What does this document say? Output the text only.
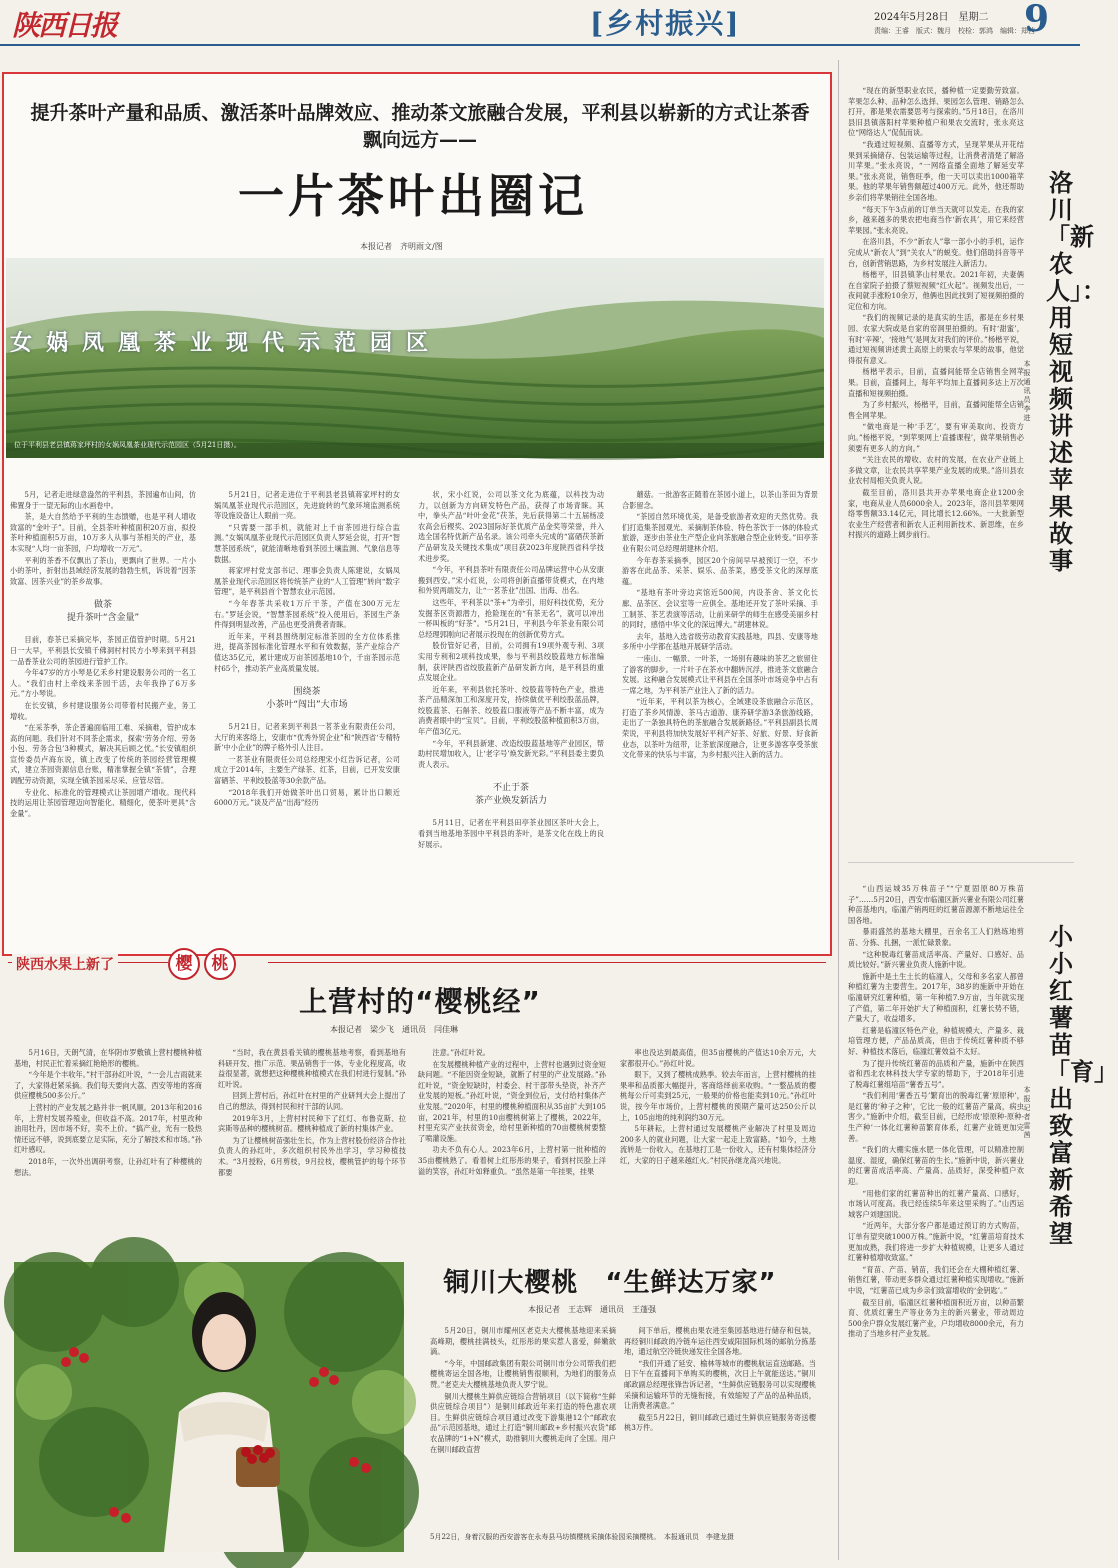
陕西日报	[乡村振兴]	2024年5月28日　星期二
责编：王睿　版式：魏月　校检：郭鸿　编辑：郑茜
9
提升茶叶产量和品质、激活茶叶品牌效应、推动茶文旅融合发展，平利县以崭新的方式让茶香飘向远方——
一片茶叶出圈记
本报记者　齐明雨文/图
女娲凤凰茶业现代示范园区
位于平利县老县镇蒋家坪村的女娲凤凰茶业现代示范园区（5月21日摄）。

5月，记者走进绿意盎然的平利县，茶园遍布山间，仿佛置身于一望无际的山水画卷中。

茶，是大自然给予平利的生态馈赠，也是平利人增收致富的“金叶子”。目前，全县茶叶种植面积20万亩，拟投茶叶种植面积5万亩，10万多人从事与茶相关的产业，基本实现“人均一亩茶园，户均增收一万元”。

平利的茶香不仅飘出了茶山，更飘向了世界。一片小小的茶叶，折射出县域经济发展的勃勃生机，诉说着“因茶致富、因茶兴业”的茶乡故事。

做茶
提升茶叶“含金量”

目前，春茶已采摘完毕，茶园正值管护时期。5月21日一大早，平利县长安镇千佛洞村村民方小琴来到平利县一品香茶业公司的茶园进行管护工作。

今年47岁的方小琴是亿禾乡村建设服务公司的一名工人。“我们由村上牵线来茶园干活，去年我挣了6万多元。”方小琴说。

在长安镇，乡村建设服务公司带着村民搬产业，务工增收。

“在采茶季，茶企普遍面临用工难、采摘难，管护成本高的问题。我们针对不同茶企需求，探索‘劳务介绍、劳务小包、劳务合包’3种模式，解决其后顾之忧。”长安镇组织宣传委员卢海东说，镇上改变了传统的茶园经营管理模式，建立茶园资源信息台账，精准掌握全镇“茶情”，合理调配劳动资源，实现全镇茶园采尽采、应管尽管。

专业化、标准化的管理模式让茶园增产增收。现代科技的运用让茶园管理迈向智能化、精细化，使茶叶更具“含金量”。

5月21日，记者走进位于平利县老县镇蒋家坪村的女娲凤凰茶业现代示范园区，先进旋转的气象环境监测系统等设施设备让人眼前一亮。

“只需要一部手机，就能对上千亩茶园进行综合监测。”女娲凤凰茶业现代示范园区负责人罗延会说，打开“智慧茶园系统”，就能清晰地看到茶园土壤监测、气象信息等数据。

蒋家坪村党支部书记、理事会负责人陈建说，女娲凤凰茶业现代示范园区将传统茶产业的“人工管理”转向“数字管理”，是平利县首个智慧农业示范园。

“今年春茶共采收1万斤干茶，产值在300万元左右。”罗延会说，“智慧茶园系统”投入使用后，茶园生产条件得到明显改善，产品也更受消费者青睐。

近年来，平利县围绕制定标准茶园的全方位体系推进，提高茶园标准化管理水平和有效数据，茶产业综合产值达35亿元，累计建成万亩茶园基地10个，千亩茶园示范村65个，推动茶产业高质量发展。

围绕茶
小茶叶“闯出”大市场

5月21日，记者来到平利县一茗茶业有限责任公司，大厅的来客络上，安康市“优秀外贸企业”和“陕西省‘专精特新’中小企业”的牌子格外引人注目。

一茗茶业有限责任公司总经理宋小红告诉记者，公司成立于2014年，主要生产绿茶、红茶，目前，已开发安康富硒茶、平利绞股蓝等30余款产品。

“2018年我们开始做茶叶出口贸易，累计出口额近6000万元。”谈及产品“出海”经历

状，宋小红说，公司以茶文化为底蕴，以科技为动力，以创新为方向研发特色产品，获得了市场青睐。其中，拳头产品“叶叶金花”茯茶，先后获得第二十五届杨凌农高会后稷奖、2023国际好茶优质产品金奖等荣誉，并入选全国名特优新产品名录。该公司牵头完成的“富硒茯茶新产品研发及关键技术集成”项目获2023年度陕西省科学技术进步奖。

“今年，平利县茶叶有限责任公司品牌运营中心从安康搬到西安。”宋小红说，公司将创新直播带货模式，在内地和外贸两端发力，让“一茗茶业”出国、出海、出名。

这些年，平利茶以“茶+”为牵引，用好科技优势，充分发掘茶区资源潜力，抢险现在的“有茶无名”，就可以冲出一杯叫板的“好茶”。“5月21日，平利县今年茶业有限公司总经理郭刚向记者展示投现在的创新优势方式。

股份管好记者，目前，公司拥有19项外观专利、3项实用专利和2项科技成果，参与平利县绞股蓝地方标准编制，获评陕西省绞股蓝新产品研发新方向，是平利县的重点发展企业。

近年来，平利县依托茶叶、绞股蓝等特色产业，推进茶产品精深加工和深度开发，持续做优平利绞股蓝品牌，绞股蓝茶、石斛茶、绞股蓝口服液等产品不断丰富，成为消费者眼中的“宝贝”。目前，平利绞股蓝种植面积3万亩，年产值3亿元。

“今年，平利县新建、改造绞股蓝基地等产业园区，帮助村民增加收入，让‘老字号’焕发新光彩。”平利县委主要负责人表示。

不止于茶
茶产业焕发新活力

5月11日，记者在平利县田亭茶业园区茶叶大会上，看到当地基地茶园中平利县的茶叶，是茶文化在线上的良好展示。

蘑菇。一批游客正随着在茶园小道上，以茶山茶田为背景合影留念。

“茶园自然环境优美，是备受旅游者欢迎的天然优势。我们打造集茶园观光、采摘制茶体验、特色茶饮于一体的体验式旅游，逐步由茶业生产型企业向茶旅融合型企业转变。”田亭茶业有限公司总经理胡建林介绍。

今年春茶采摘季，园区20个房间早早被预订一空，不少游客在此品茶、采茶、娱乐、品茶菜，感受茶文化的深厚底蕴。

“基地有茶叶旁边宾馆近500间，内设茶舍、茶文化长廊、品茶区、会议室等一应俱全。基地还开发了茶叶采摘、手工制茶、茶艺表演等活动，让前来研学的师生在感受美丽乡村的同时，感悟中华文化的深远博大。”胡建林说。

去年，基地入选省级劳动教育实践基地，四县、安康等地多所中小学都在基地开展研学活动。

一座山、一幅景、一叶茶，一场别有趣味的茶艺之旅留住了游客的脚步。一片叶子在茶水中翻转沉浮，推进茶文旅融合发展。这种融合发展模式让平利县在全国茶叶市场竞争中占有一席之地，为平利茶产业注入了新的活力。

“近年来，平利以茶为核心，全域建设茶旅融合示范区，打造了茶乡风情游、茶马古道游、康养研学游3条旅游线路，走出了一条独具特色的茶旅融合发展新路径。”平利县副县长周荣说，平利县将加快发展好平利产好茶、好旅、好景、好食新业态，以茶叶为纽带，让茶旅深度融合，让更多游客享受茶旅文化带来的快乐与丰富，为乡村振兴注入新的活力。

陕西水果上新了	樱	桃
上营村的“樱桃经”
本报记者　梁少飞　通讯员　闫佳琳

5月16日，天朗气清，在华阴市罗敷镇上营村樱桃种植基地，村民正忙着采摘红艳艳形的樱桃。

“今年是个丰收年。”村干部孙红叶说，“一会儿吉雨就来了，大家得赶紧采摘。我们每天要向大荔、西安等地的客商供应樱桃500多公斤。”

上营村的产业发展之路并非一帆风顺。2013年和2016年，上营村发展养殖业，但收益不高。2017年，村里改种油用牡丹，因市场不好，卖不上价。“搞产业，光有一股热情还远不够，说到底要立足实际，充分了解技术和市场。”孙红叶感叹。

2018年，一次外出调研考察，让孙红叶有了种樱桃的想法。

“当时，我在黄县看关镇的樱桃基地考察，看到基地有科研开发、推广示范、果品销售于一体，专业化程度高，收益很显著，就想把这种樱桃种植模式在我们村进行复制。”孙红叶说。

回到上营村后，孙红叶在村里的产业研判大会上提出了自己的想法，得到村民和村干部的认同。

2019年3月，上营村村民种下了红灯、布鲁克斯、拉宾斯等品种的樱桃树苗。樱桃种植成了新的村集体产业。

为了让樱桃树苗强壮生长，作为上营村股份经济合作社负责人的孙红叶，多次组织村民外出学习，学习种植技术。“3月授粉，6月剪枝，9月拉枝，樱桃管护的每个环节都要

注意。”孙红叶说。

在发展樱桃种植产业的过程中，上营村也遇到过资金短缺问题。“不能因资金短缺，就断了村里的产业发展路。”孙红叶说，“资金短缺时，村委会、村干部带头垫资，补齐产业发展的短板。”孙红叶说，“资金到位后，支付给村集体产业发展。”2020年，村里的樱桃种植面积从35亩扩大到105亩，2021年，村里的10亩樱桃树第上了樱桃，2022年，村里充实产业扶贫资金，给村里新种植的70亩樱桃树要整了喷灌设施。

功夫不负有心人。2023年6月，上营村第一批种植的35亩樱桃熟了。看着树上红彤彤的果子，看到村民脸上洋溢的笑容，孙红叶如释重负。“虽然是第一年挂果，挂果

率也没达到最高值，但35亩樱桃的产值达10余万元，大家都很开心。”孙红叶说。

眼下，又到了樱桃成熟季。较去年而言，上营村樱桃的挂果率和品质都大幅提升，客商络绎前来收购。“一整品质的樱桃每公斤可卖到25元，一般果的价格也能卖到10元。”孙红叶说，按今年市场价，上营村樱桃的预期产量可达250公斤以上，105亩地的纯利润约30万元。

5年耕耘，上营村通过发展樱桃产业解决了村里及周边200多人的就业问题，让大家一起走上致富路。“如今，土地流转是一份收入，在基地打工是一份收入，还有村集体经济分红，大家的日子越来越红火。”村民孙继龙高兴地说。

铜川大樱桃　“生鲜达万家”
本报记者　王志辉　通讯员　王蓬强

5月20日，铜川市耀州区老克夫大樱桃基地迎来采摘高峰期，樱桃挂满枝头，红彤彤的果实惹人喜爱，鲜嫩欲滴。

“今年，中国邮政集团有限公司铜川市分公司帮我们把樱桃寄运全国各地，让樱桃销售很顺利，为地们的服务点赞。”老克夫大樱桃基地负责人罗宁说。

铜川大樱桃生鲜供应链综合营销项目（以下简称“生鲜供应链综合项目”）是铜川邮政近年来打造的特色惠农项目。生鲜供应链综合项目通过改变下游集港12个“邮政农品”示范园基地，通过上打造“铜川邮政+乡村振兴农货”邮农品牌的“1+N”模式，助推铜川大樱桃走向了全国。用户在铜川邮政直营

间下单后，樱桃由果农进至集园基地进行储存和包装，再经铜川邮政的冷链车运往西安咸阳国际机场的邮航分拣基地，通过航空冷链快递发往全国各地。

“我们开通了延安、榆林等城市的樱桃航运直送邮路。当日下午在直播间下单购买的樱桃，次日上午就能送达。”铜川邮政副总经理张锋告诉记者，“生鲜供应链服务可以实现樱桃采摘和运输环节的无缝衔接，有效缩短了产品的品种品质，让消费者满意。”

截至5月22日，铜川邮政已通过生鲜供应链服务寄送樱桃3万件。

5月22日，身着汉服的西安游客在永寿县马坊镇樱桃采摘体验园采摘樱桃。　本报通讯员　李建龙摄

“现在的新型职业农民，播种植一定要勤劳致富。苹果怎么种、品种怎么选择、果园怎么管理、销路怎么打开，都是果农需要思考与探索的。”5月18日，在洛川县旧县镇落阳村苹果种植户和果农交流时，张永亮这位“网络达人”侃侃而谈。

“我通过短视频、直播等方式，呈现苹果从开花结果到采摘储存、包装运输等过程，让消费者清楚了解洛川苹果。”张永亮说，“一网络直播全面地了解延安苹果。”张永亮说，销售旺季，他一天可以卖出1000箱苹果。他的苹果年销售额超过400万元。此外，他还帮助乡亲们将苹果销往全国各地。

“每天下午3点前的订单当天就可以发走。在我的家乡，越来越多的果农把电商当作‘新农具’，用它来经营苹果园。”张永亮说。

在洛川县，不少“新农人”靠一部小小的手机，运作完成从“新农人”到“关农人”的蜕变。他们借助抖音等平台，创新营销思路，为乡村发展注入新活力。

杨楷平，旧县镇茅山村果农。2021年初，夫妻俩在自家院子拍摄了蔡短视频“红火起”。视频发出后，一夜间就手涨粉10余万，他俩也因此找到了短视频拍摄的定位和方向。

“我们的视频记录的是真实的生活，都是在乡村果园、农家大院或是自家的窑洞里拍摄的。有时‘甜蜜’，有时‘辛辣’，‘接地气’是网友对我们的评价。”杨楷平说，通过短视频讲述黄土高原上的果农与苹果的故事，他觉得很有意义。

杨楷平表示，目前，直播间能帮全店销售全网苹果。目前，直播间上，每年平均加上直播间多达上万次直播和短视频拍摄。

为了乡村振兴，杨楷平，目前，直播间能帮全店销售全网苹果。

“做电商是一种‘手艺’，要有审美取向、投资方向。”杨楷平说，“到苹果网上‘直播课程’，做苹果销售必须要有更多人的方向。”

“关注农民的增收、农村的发展，在农业产业链上多做文章，让农民共享苹果产业发展的成果。”洛川县农业农村局相关负责人说。

截至目前，洛川县共开办苹果电商企业1200余家，电商从业人员6000余人。2023年，洛川县苹果网络零售额33.14亿元，同比增长12.66%。一大批新型农业生产经营者和新农人正利用新技术、新思维，在乡村振兴的道路上阔步前行。

洛川「新农人」：用短视频讲述苹果故事
本报通讯员　李进

“山西运城35万株苗子”“宁夏固原80万株苗子”……5月20日，西安市临潼区新兴薯业有限公司红薯种苗基地内，临潼产销两旺的红薯苗源源不断地运往全国各地。

暴雨盛然的基地大棚里，百余名工人们熟练地剪苗、分拣、扎捆，一派忙碌景象。

“这种脱毒红薯苗成活率高、产量好、口感好、品质比较好。”新兴薯业负责人施新中说。

施新中是土生土长的临潼人，父母和多名家人都曾种植红薯为主要营生。2017年，38岁的施新中开始在临潼研究红薯种植，第一年种植7.9万亩，当年就实现了产值，第二年开始扩大了种植面积，红薯长势不错，产量大了，收益增多。

红薯是临潼区特色产业，种植规模大、产量多、栽培管理方便，产品品质高，但由于传统红薯种质不够好、种植技术落后，临潼红薯效益不太好。

为了提升传统红薯苗的品质和产量，施新中在陕西省和西北农林科技大学专家的帮助下，于2018年引进了脱毒红薯组培苗“薯香五号”。

“我们利用‘薯香五号’繁育出的脱毒红薯‘原原种’，是红薯的‘种子之种’，它比一般的红薯苗产量高，病虫害少。”施新中介绍，截至目前，已经形成‘原原种-原种-生产种’一体化红薯种苗繁育体系，红薯产业链更加完善。

“我们的大棚实施水肥一体化管理，可以精准控制温度、湿度，确保红薯苗的生长。”施新中说，新兴薯业的红薯苗成活率高、产量高、品质好，深受种植户欢迎。

“用他们家的红薯苗种出的红薯产量高、口感好，市场认可度高。我已经连续5年来这里采购了。”山西运城客户刘建国说。

“近两年，大部分客户都是通过预订的方式购苗，订单有望突破1000万株。”施新中说，“红薯苗培育技术更加成熟，我们将进一步扩大种植规模，让更多人通过红薯种植增收致富。”

“育苗、产苗、销苗，我们还会在大棚种植红薯、销售红薯，带动更多群众通过红薯种植实现增收。”施新中说，“红薯苗已成为乡亲们致富增收的‘金钥匙’。”

截至目前，临潼区红薯种植面积近万亩，以种苗繁育、优质红薯生产等业务为主的新兴薯业，带动周边500余户群众发展红薯产业，户均增收8000余元，有力推动了当地乡村产业发展。

小小红薯苗「育」出致富新希望
本报记者　雷茜
